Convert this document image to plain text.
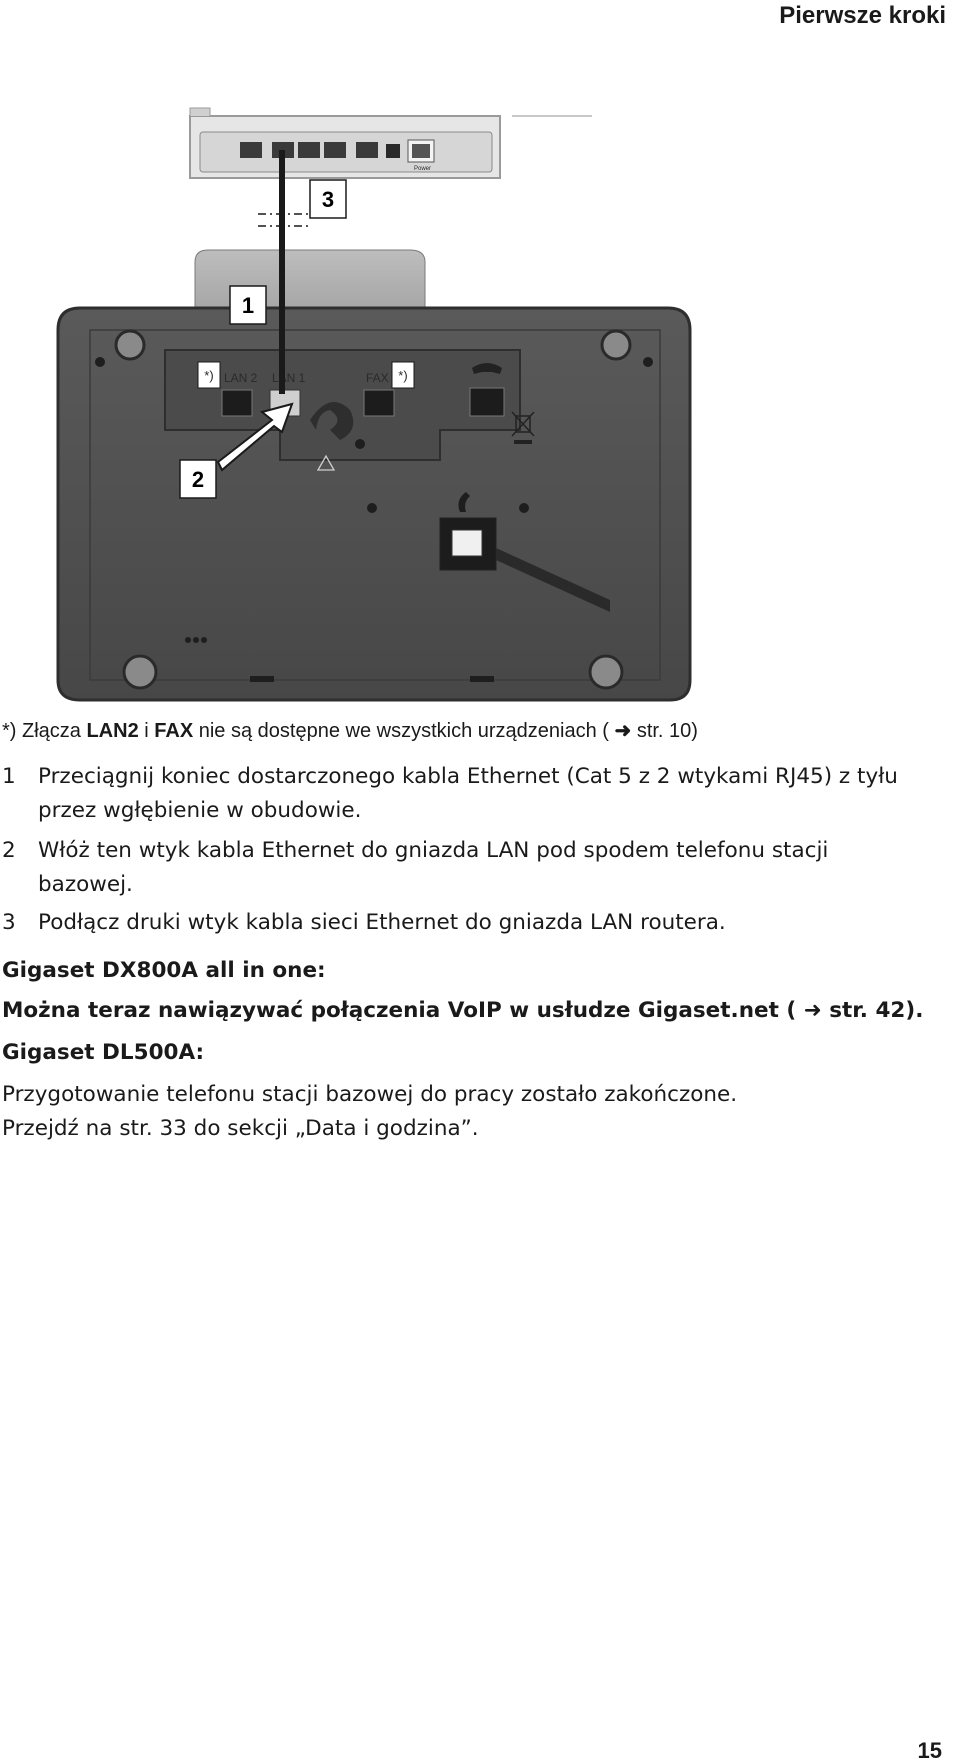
Pierwsze kroki
Power
LAN 2 LAN 1	FAX
3
1
2
*)	*)
*) Złącza LAN2 i FAX nie są dostępne we wszystkich urządzeniach ( ➜ str. 10)
1 Przeciągnij koniec dostarczonego kabla Ethernet (Cat 5 z 2 wtykami RJ45) z tyłu
przez wgłębienie w obudowie.
2 Włóż ten wtyk kabla Ethernet do gniazda LAN pod spodem telefonu stacji
bazowej.
3 Podłącz druki wtyk kabla sieci Ethernet do gniazda LAN routera.
Gigaset DX800A all in one:
Można teraz nawiązywać połączenia VoIP w usłudze Gigaset.net ( ➜ str. 42).
Gigaset DL500A:
Przygotowanie telefonu stacji bazowej do pracy zostało zakończone.
Przejdź na str. 33 do sekcji „Data i godzina”.
15
